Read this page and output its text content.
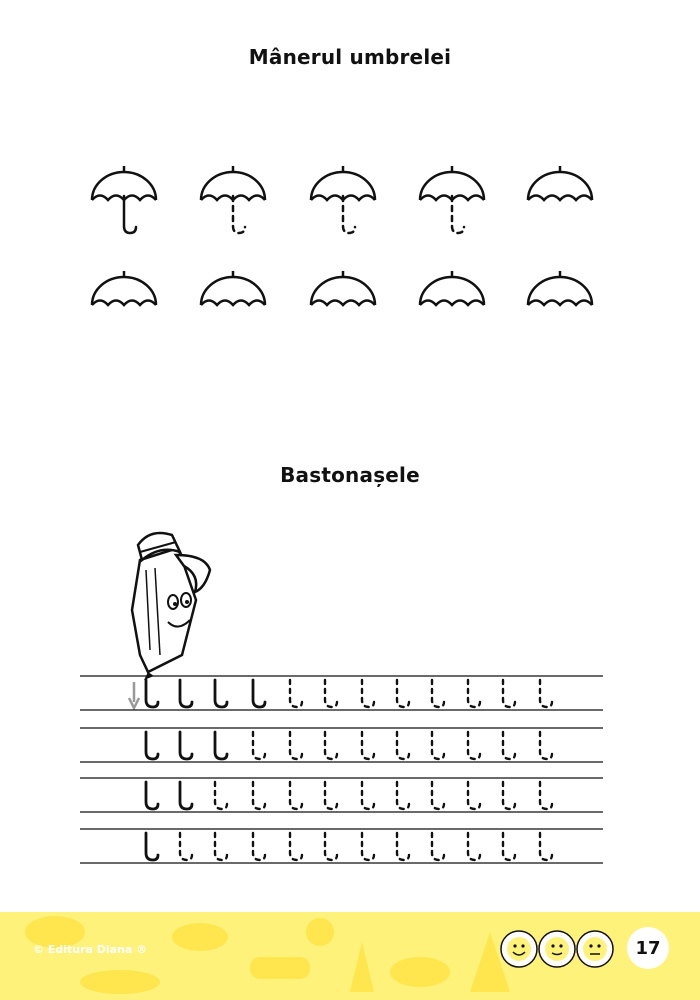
Mânerul umbrelei
Bastonașele
© Editura Diana ®	17
